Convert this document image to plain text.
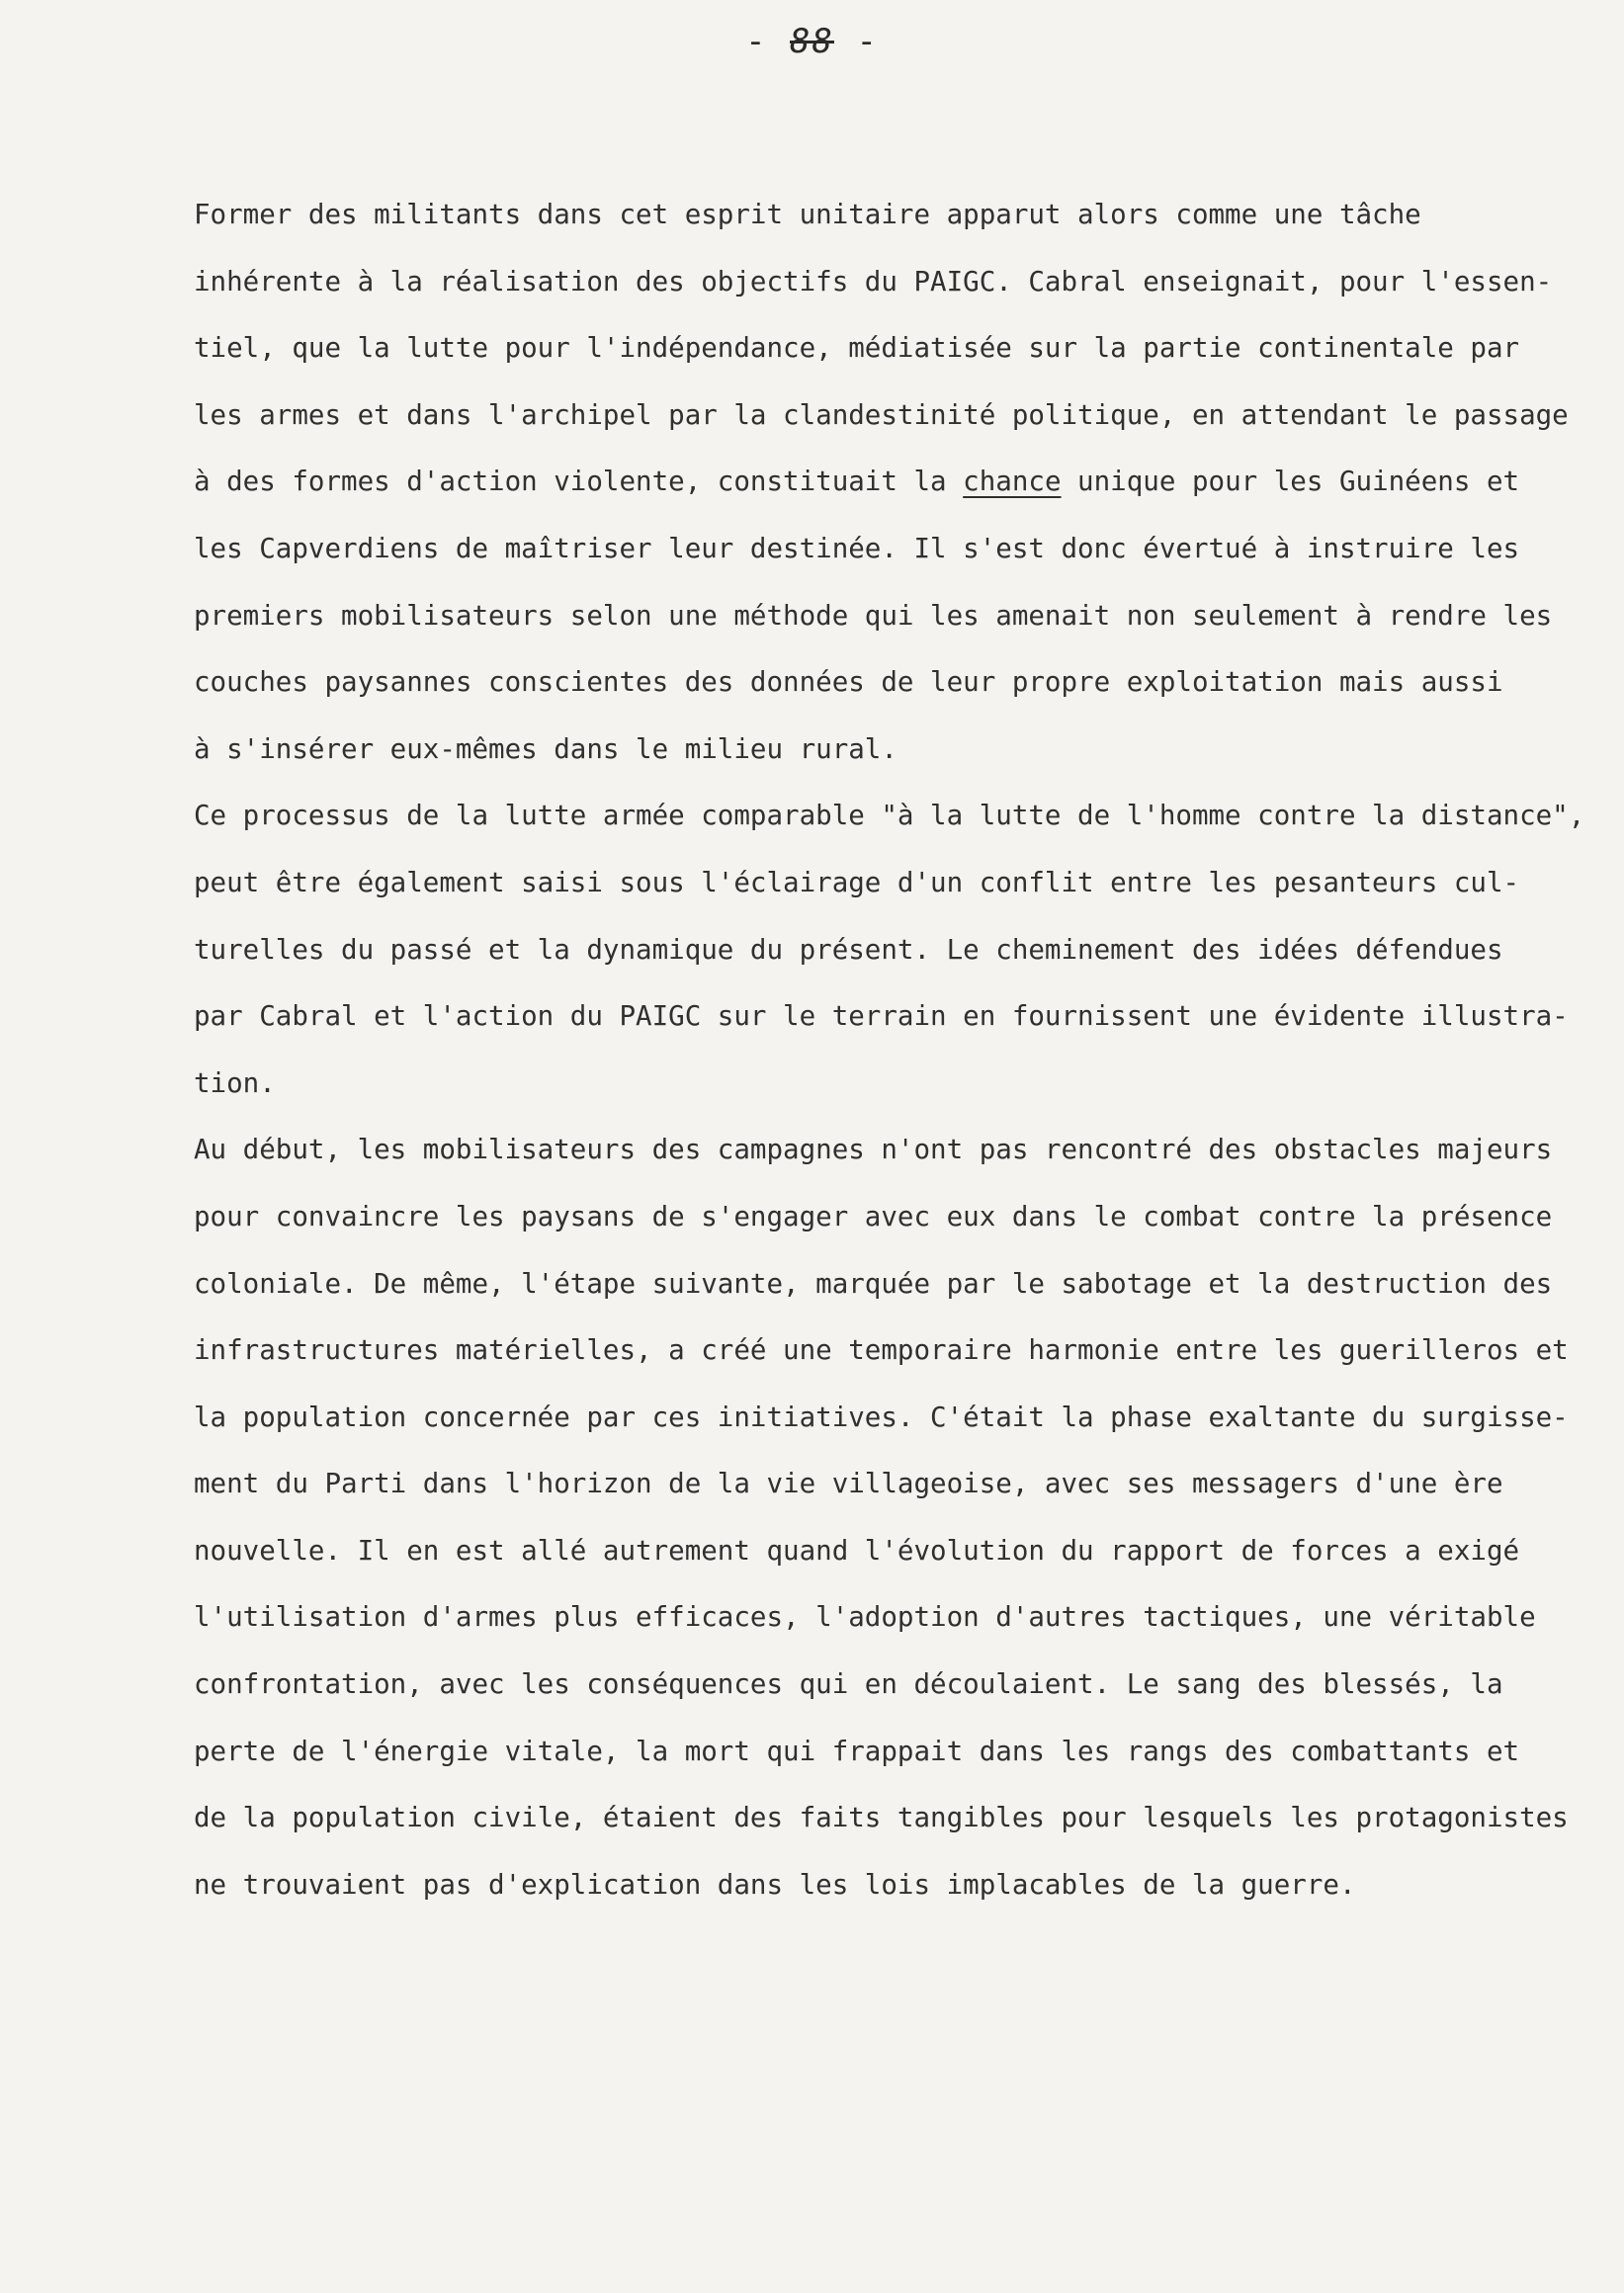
- 88 -
Former des militants dans cet esprit unitaire apparut alors comme une tâche
inhérente à la réalisation des objectifs du PAIGC. Cabral enseignait, pour l'essen-
tiel, que la lutte pour l'indépendance, médiatisée sur la partie continentale par
les armes et dans l'archipel par la clandestinité politique, en attendant le passage
à des formes d'action violente, constituait la chance unique pour les Guinéens et
les Capverdiens de maîtriser leur destinée. Il s'est donc évertué à instruire les
premiers mobilisateurs selon une méthode qui les amenait non seulement à rendre les
couches paysannes conscientes des données de leur propre exploitation mais aussi
à s'insérer eux-mêmes dans le milieu rural.
Ce processus de la lutte armée comparable "à la lutte de l'homme contre la distance",
peut être également saisi sous l'éclairage d'un conflit entre les pesanteurs cul-
turelles du passé et la dynamique du présent. Le cheminement des idées défendues
par Cabral et l'action du PAIGC sur le terrain en fournissent une évidente illustra-
tion.
Au début, les mobilisateurs des campagnes n'ont pas rencontré des obstacles majeurs
pour convaincre les paysans de s'engager avec eux dans le combat contre la présence
coloniale. De même, l'étape suivante, marquée par le sabotage et la destruction des
infrastructures matérielles, a créé une temporaire harmonie entre les guerilleros et
la population concernée par ces initiatives. C'était la phase exaltante du surgisse-
ment du Parti dans l'horizon de la vie villageoise, avec ses messagers d'une ère
nouvelle. Il en est allé autrement quand l'évolution du rapport de forces a exigé
l'utilisation d'armes plus efficaces, l'adoption d'autres tactiques, une véritable
confrontation, avec les conséquences qui en découlaient. Le sang des blessés, la
perte de l'énergie vitale, la mort qui frappait dans les rangs des combattants et
de la population civile, étaient des faits tangibles pour lesquels les protagonistes
ne trouvaient pas d'explication dans les lois implacables de la guerre.
